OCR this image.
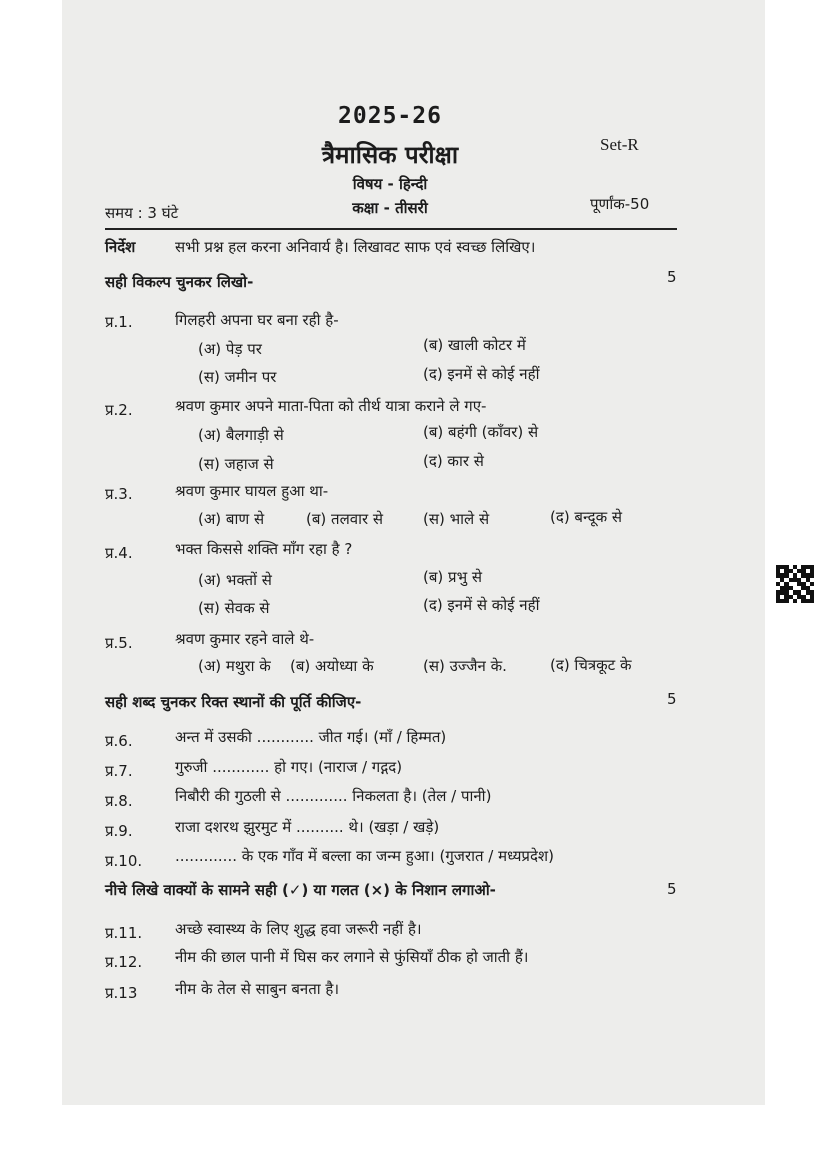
2025-26
त्रैमासिक परीक्षा	Set-R
विषय - हिन्दी
कक्षा - तीसरी
समय : 3 घंटे	पूर्णांक-50
निर्देश	सभी प्रश्न हल करना अनिवार्य है। लिखावट साफ एवं स्वच्छ लिखिए।
सही विकल्प चुनकर लिखो-	5
प्र.1.	गिलहरी अपना घर बना रही है-
(अ) पेड़ पर	(ब) खाली कोटर में
(स) जमीन पर	(द) इनमें से कोई नहीं
प्र.2.	श्रवण कुमार अपने माता-पिता को तीर्थ यात्रा कराने ले गए-
(अ) बैलगाड़ी से	(ब) बहंगी (काँवर) से
(स) जहाज से	(द) कार से
प्र.3.	श्रवण कुमार घायल हुआ था-
(अ) बाण से	(ब) तलवार से	(स) भाले से	(द) बन्दूक से
प्र.4.	भक्त किससे शक्ति माँग रहा है ?
(अ) भक्तों से	(ब) प्रभु से
(स) सेवक से	(द) इनमें से कोई नहीं
प्र.5.	श्रवण कुमार रहने वाले थे-
(अ) मथुरा के (ब) अयोध्या के	(स) उज्जैन के.	(द) चित्रकूट के
सही शब्द चुनकर रिक्त स्थानों की पूर्ति कीजिए-	5
प्र.6.	अन्त में उसकी ............ जीत गई। (माँ / हिम्मत)
प्र.7.	गुरुजी ............ हो गए। (नाराज / गद्गद)
प्र.8.	निबौरी की गुठली से ............. निकलता है। (तेल / पानी)
प्र.9.	राजा दशरथ झुरमुट में .......... थे। (खड़ा / खड़े)
प्र.10. ............. के एक गाँव में बल्ला का जन्म हुआ। (गुजरात / मध्यप्रदेश)
नीचे लिखे वाक्यों के सामने सही (✓) या गलत (×) के निशान लगाओ-	5
प्र.11. अच्छे स्वास्थ्य के लिए शुद्ध हवा जरूरी नहीं है।
प्र.12. नीम की छाल पानी में घिस कर लगाने से फुंसियाँ ठीक हो जाती हैं।
प्र.13	नीम के तेल से साबुन बनता है।
